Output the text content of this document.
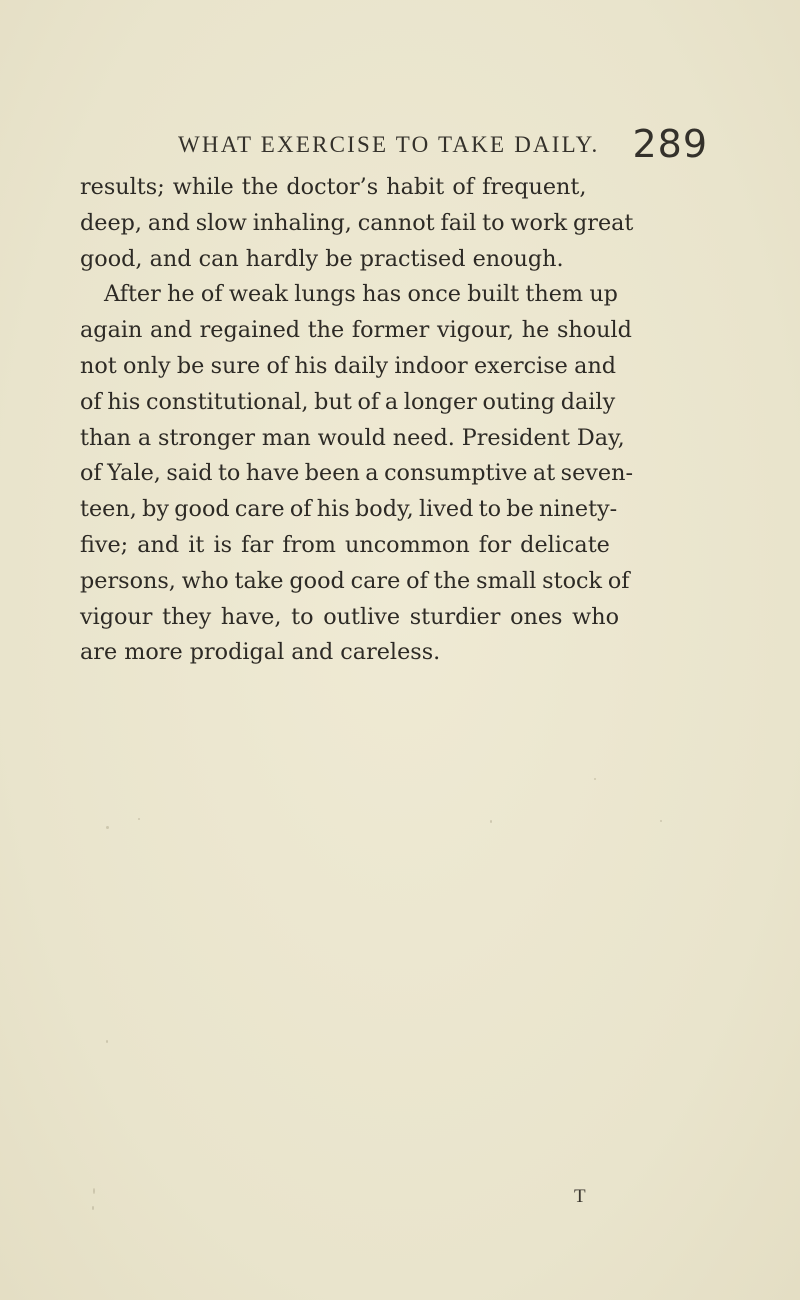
WHAT EXERCISE TO TAKE DAILY. 289
results; while the doctor’s habit of frequent,
deep, and slow inhaling, cannot fail to work great
good, and can hardly be practised enough.
After he of weak lungs has once built them up
again and regained the former vigour, he should
not only be sure of his daily indoor exercise and
of his constitutional, but of a longer outing daily
than a stronger man would need. President Day,
of Yale, said to have been a consumptive at seven-
teen, by good care of his body, lived to be ninety-
five; and it is far from uncommon for delicate
persons, who take good care of the small stock of
vigour they have, to outlive sturdier ones who
are more prodigal and careless.
T
